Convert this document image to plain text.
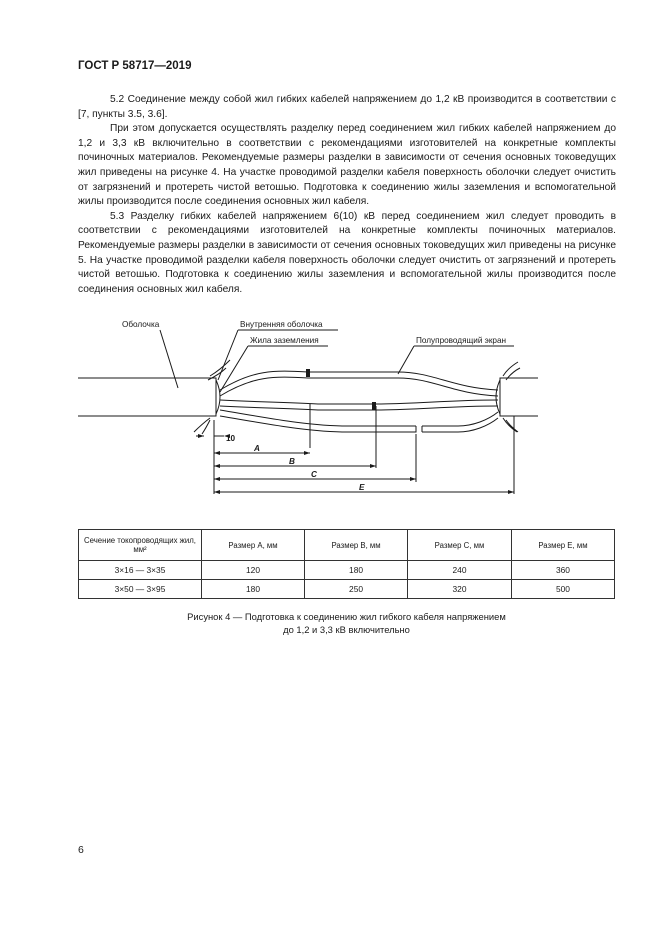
ГОСТ Р 58717—2019

5.2 Соединение между собой жил гибких кабелей напряжением до 1,2 кВ производится в соответствии с [7, пункты 3.5, 3.6].

При этом допускается осуществлять разделку перед соединением жил гибких кабелей напряжением до 1,2 и 3,3 кВ включительно в соответствии с рекомендациями изготовителей на конкретные комплекты починочных материалов. Рекомендуемые размеры разделки в зависимости от сечения основных токоведущих жил приведены на рисунке 4. На участке проводимой разделки кабеля поверхность оболочки следует очистить от загрязнений и протереть чистой ветошью. Подготовка к соединению жилы заземления и вспомогательной жилы производится после соединения основных жил кабеля.

5.3 Разделку гибких кабелей напряжением 6(10) кВ перед соединением жил следует проводить в соответствии с рекомендациями изготовителей на конкретные комплекты починочных материалов. Рекомендуемые размеры разделки в зависимости от сечения основных токоведущих жил приведены на рисунке 5. На участке проводимой разделки кабеля поверхность оболочки следует очистить от загрязнений и протереть чистой ветошью. Подготовка к соединению жилы заземления и вспомогательной жилы производится после соединения основных жил кабеля.

Оболочка	Внутренняя оболочка
Жила заземления	Полупроводящий экран
10
A
B
C
E
Сечение токопроводящих жил, мм²	Размер A, мм	Размер B, мм	Размер C, мм	Размер E, мм
3×16 — 3×35	120	180	240	360
3×50 — 3×95	180	250	320	500
Рисунок 4 — Подготовка к соединению жил гибкого кабеля напряжением
до 1,2 и 3,3 кВ включительно
6
